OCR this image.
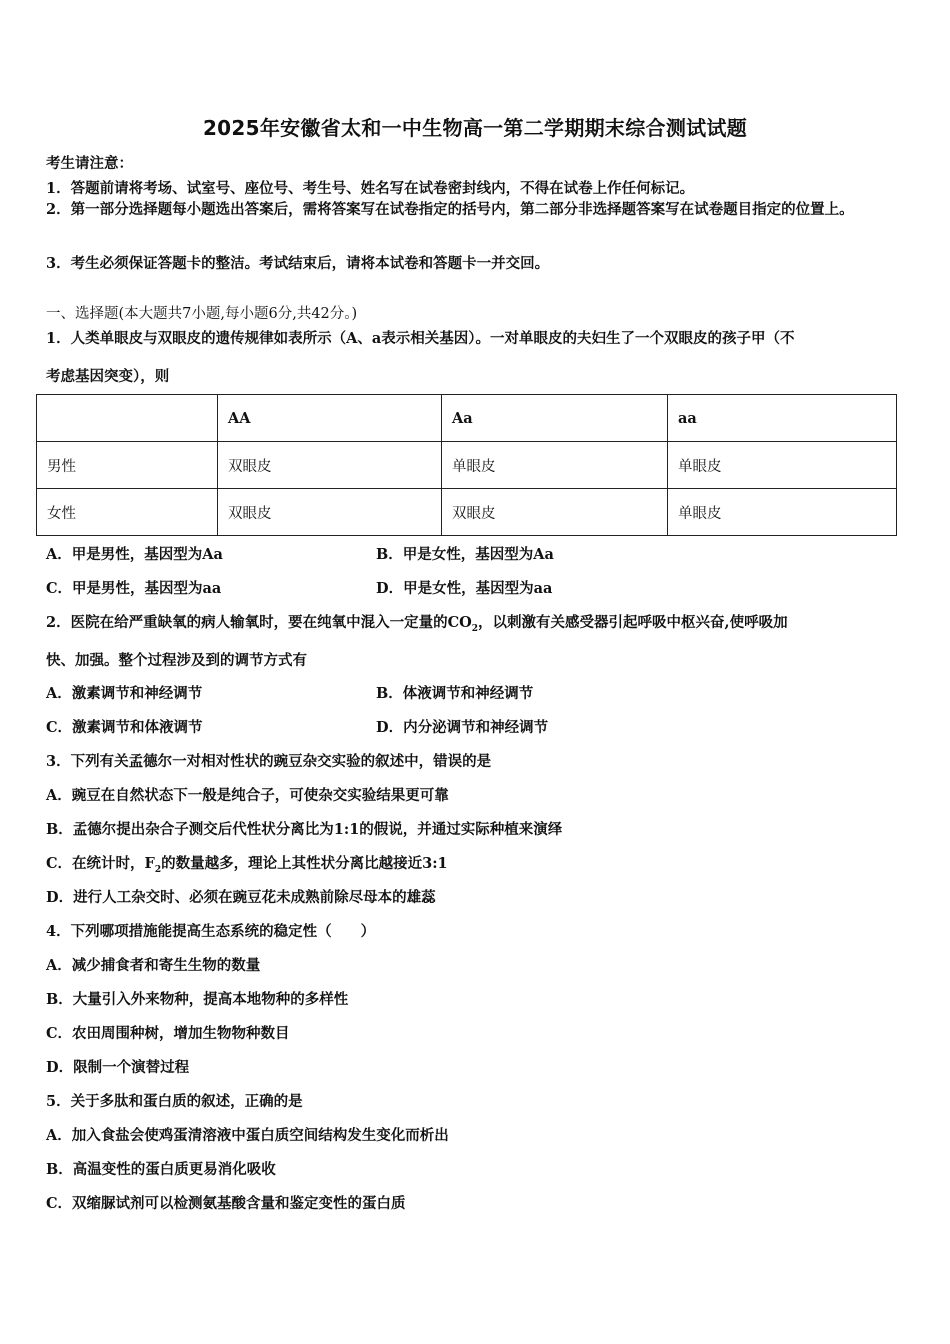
2025年安徽省太和一中生物高一第二学期期末综合测试试题
考生请注意：
1．答题前请将考场、试室号、座位号、考生号、姓名写在试卷密封线内，不得在试卷上作任何标记。
2．第一部分选择题每小题选出答案后，需将答案写在试卷指定的括号内，第二部分非选择题答案写在试卷题目指定的位置上。
3．考生必须保证答题卡的整洁。考试结束后，请将本试卷和答题卡一并交回。
一、选择题(本大题共7小题,每小题6分,共42分。)
1．人类单眼皮与双眼皮的遗传规律如表所示（A、a表示相关基因）。一对单眼皮的夫妇生了一个双眼皮的孩子甲（不
考虑基因突变），则
	AA	Aa	aa
男性	双眼皮	单眼皮	单眼皮
女性	双眼皮	双眼皮	单眼皮
A．甲是男性，基因型为Aa	B．甲是女性，基因型为Aa
C．甲是男性，基因型为aa	D．甲是女性，基因型为aa
2．医院在给严重缺氧的病人输氧时，要在纯氧中混入一定量的$CO_2$，以刺激有关感受器引起呼吸中枢兴奋,使呼吸加
快、加强。整个过程涉及到的调节方式有
A．激素调节和神经调节	B．体液调节和神经调节
C．激素调节和体液调节	D．内分泌调节和神经调节
3．下列有关孟德尔一对相对性状的豌豆杂交实验的叙述中，错误的是
A．豌豆在自然状态下一般是纯合子，可使杂交实验结果更可靠
B．孟德尔提出杂合子测交后代性状分离比为1:1的假说，并通过实际种植来演绎
C．在统计时，$F_2$的数量越多，理论上其性状分离比越接近3:1
D．进行人工杂交时、必须在豌豆花未成熟前除尽母本的雄蕊
4．下列哪项措施能提高生态系统的稳定性（　　）
A．减少捕食者和寄生生物的数量
B．大量引入外来物种，提高本地物种的多样性
C．农田周围种树，增加生物物种数目
D．限制一个演替过程
5．关于多肽和蛋白质的叙述，正确的是
A．加入食盐会使鸡蛋清溶液中蛋白质空间结构发生变化而析出
B．高温变性的蛋白质更易消化吸收
C．双缩脲试剂可以检测氨基酸含量和鉴定变性的蛋白质
